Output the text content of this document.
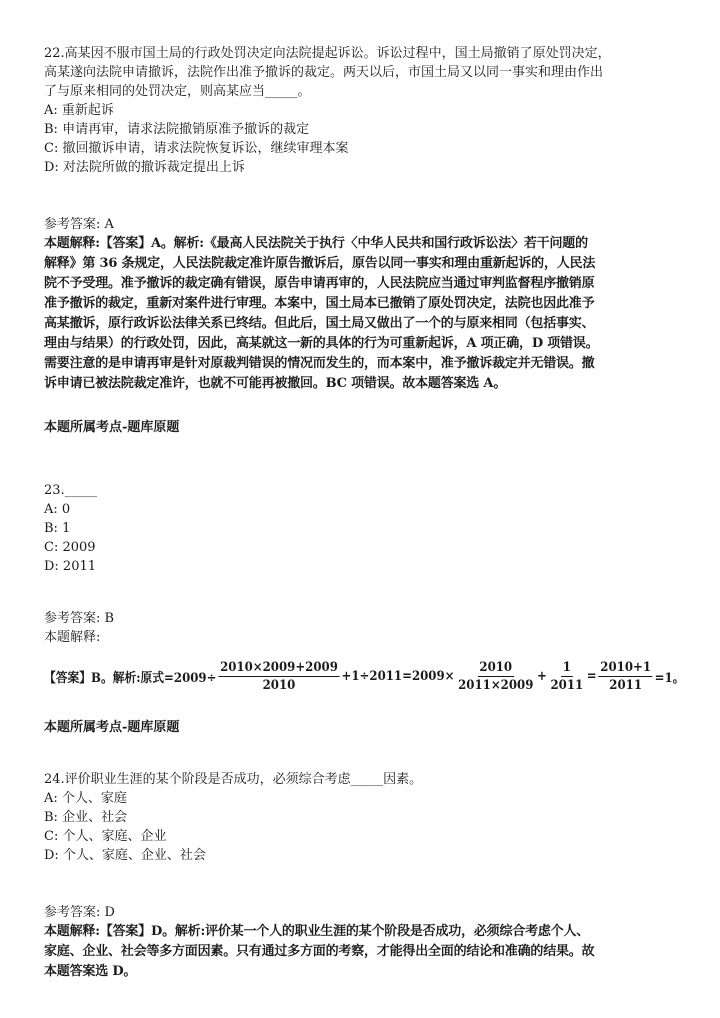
22.高某因不服市国土局的行政处罚决定向法院提起诉讼。诉讼过程中，国土局撤销了原处罚决定，
高某遂向法院申请撤诉，法院作出准予撤诉的裁定。两天以后，市国土局又以同一事实和理由作出
了与原来相同的处罚决定，则高某应当_____。
A: 重新起诉
B: 申请再审，请求法院撤销原准予撤诉的裁定
C: 撤回撤诉申请，请求法院恢复诉讼，继续审理本案
D: 对法院所做的撤诉裁定提出上诉
参考答案: A
本题解释:【答案】A。解析:《最高人民法院关于执行〈中华人民共和国行政诉讼法〉若干问题的
解释》第 36 条规定，人民法院裁定准许原告撤诉后，原告以同一事实和理由重新起诉的，人民法
院不予受理。准予撤诉的裁定确有错误，原告申请再审的，人民法院应当通过审判监督程序撤销原
准予撤诉的裁定，重新对案件进行审理。本案中，国土局本已撤销了原处罚决定，法院也因此准予
高某撤诉，原行政诉讼法律关系已终结。但此后，国土局又做出了一个的与原来相同（包括事实、
理由与结果）的行政处罚，因此，高某就这一新的具体的行为可重新起诉，A 项正确，D 项错误。
需要注意的是申请再审是针对原裁判错误的情况而发生的，而本案中，准予撤诉裁定并无错误。撤
诉申请已被法院裁定准许，也就不可能再被撤回。BC 项错误。故本题答案选 A。
本题所属考点-题库原题
23._____
A: 0
B: 1
C: 2009
D: 2011
参考答案: B
本题解释:
【答案】B。解析:原式$=2009\div \frac{2010\times 2009+2009}{2010} +1\div 2011=2009\times \frac{2010}{2011\times 2009} + \frac{1}{2011} = \frac{2010+1}{2011} =1$。
本题所属考点-题库原题
24.评价职业生涯的某个阶段是否成功，必须综合考虑_____因素。
A: 个人、家庭
B: 企业、社会
C: 个人、家庭、企业
D: 个人、家庭、企业、社会
参考答案: D
本题解释:【答案】D。解析:评价某一个人的职业生涯的某个阶段是否成功，必须综合考虑个人、
家庭、企业、社会等多方面因素。只有通过多方面的考察，才能得出全面的结论和准确的结果。故
本题答案选 D。
